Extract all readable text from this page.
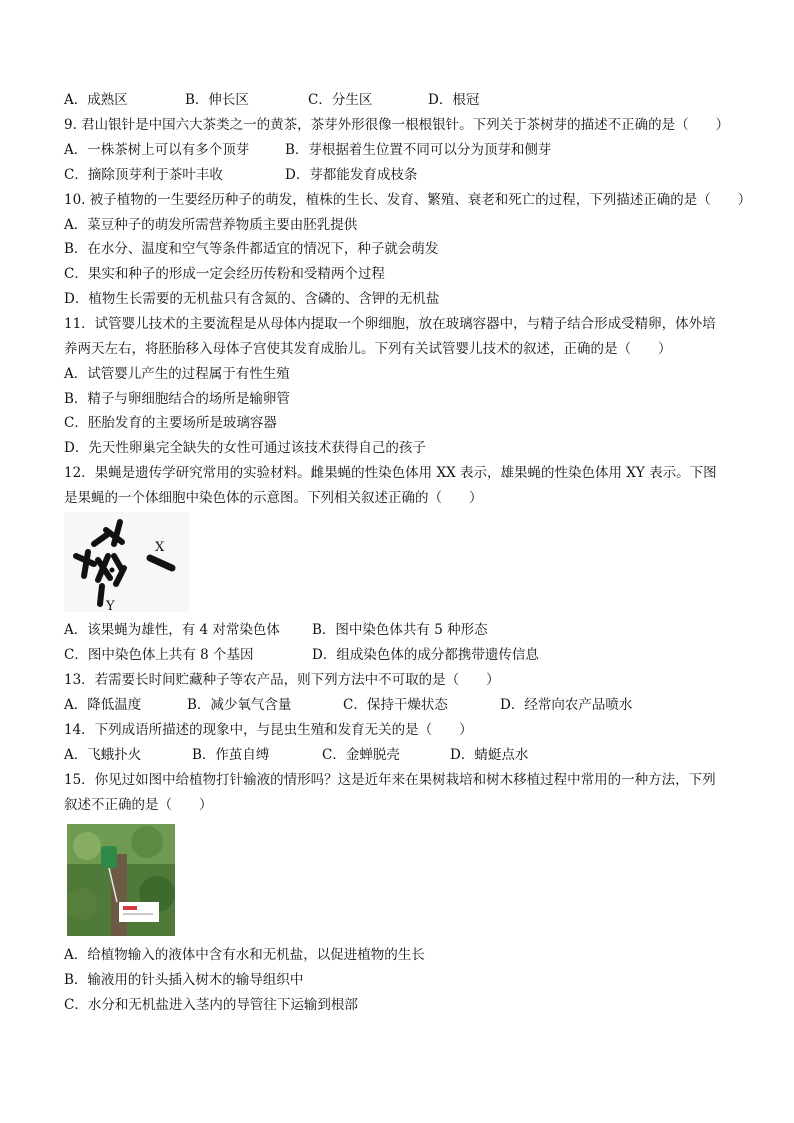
A．成熟区	B．伸长区	C．分生区	D．根冠
9. 君山银针是中国六大茶类之一的黄茶，茶芽外形很像一根根银针。下列关于茶树芽的描述不正确的是（　　）
A．一株茶树上可以有多个顶芽	B．芽根据着生位置不同可以分为顶芽和侧芽
C．摘除顶芽利于茶叶丰收	D．芽都能发育成枝条
10. 被子植物的一生要经历种子的萌发，植株的生长、发育、繁殖、衰老和死亡的过程，下列描述正确的是（　　）
A．菜豆种子的萌发所需营养物质主要由胚乳提供
B．在水分、温度和空气等条件都适宜的情况下，种子就会萌发
C．果实和种子的形成一定会经历传粉和受精两个过程
D．植物生长需要的无机盐只有含氮的、含磷的、含钾的无机盐
11．试管婴儿技术的主要流程是从母体内提取一个卵细胞，放在玻璃容器中，与精子结合形成受精卵，体外培
养两天左右，将胚胎移入母体子宫使其发育成胎儿。下列有关试管婴儿技术的叙述，正确的是（　　）
A．试管婴儿产生的过程属于有性生殖
B．精子与卵细胞结合的场所是输卵管
C．胚胎发育的主要场所是玻璃容器
D．先天性卵巢完全缺失的女性可通过该技术获得自己的孩子
12．果蝇是遗传学研究常用的实验材料。雌果蝇的性染色体用 XX 表示，雄果蝇的性染色体用 XY 表示。下图
是果蝇的一个体细胞中染色体的示意图。下列相关叙述正确的（　　）
X
Y
A．该果蝇为雄性，有 4 对常染色体 B．图中染色体共有 5 种形态
C．图中染色体上共有 8 个基因	D．组成染色体的成分都携带遗传信息
13．若需要长时间贮藏种子等农产品，则下列方法中不可取的是（　　）
A．降低温度	B．减少氧气含量	C．保持干燥状态	D．经常向农产品喷水
14．下列成语所描述的现象中，与昆虫生殖和发育无关的是（　　）
A．飞蛾扑火	B．作茧自缚	C．金蝉脱壳	D．蜻蜓点水
15．你见过如图中给植物打针输液的情形吗？这是近年来在果树栽培和树木移植过程中常用的一种方法，下列
叙述不正确的是（　　）
A．给植物输入的液体中含有水和无机盐，以促进植物的生长
B．输液用的针头插入树木的输导组织中
C．水分和无机盐进入茎内的导管往下运输到根部
